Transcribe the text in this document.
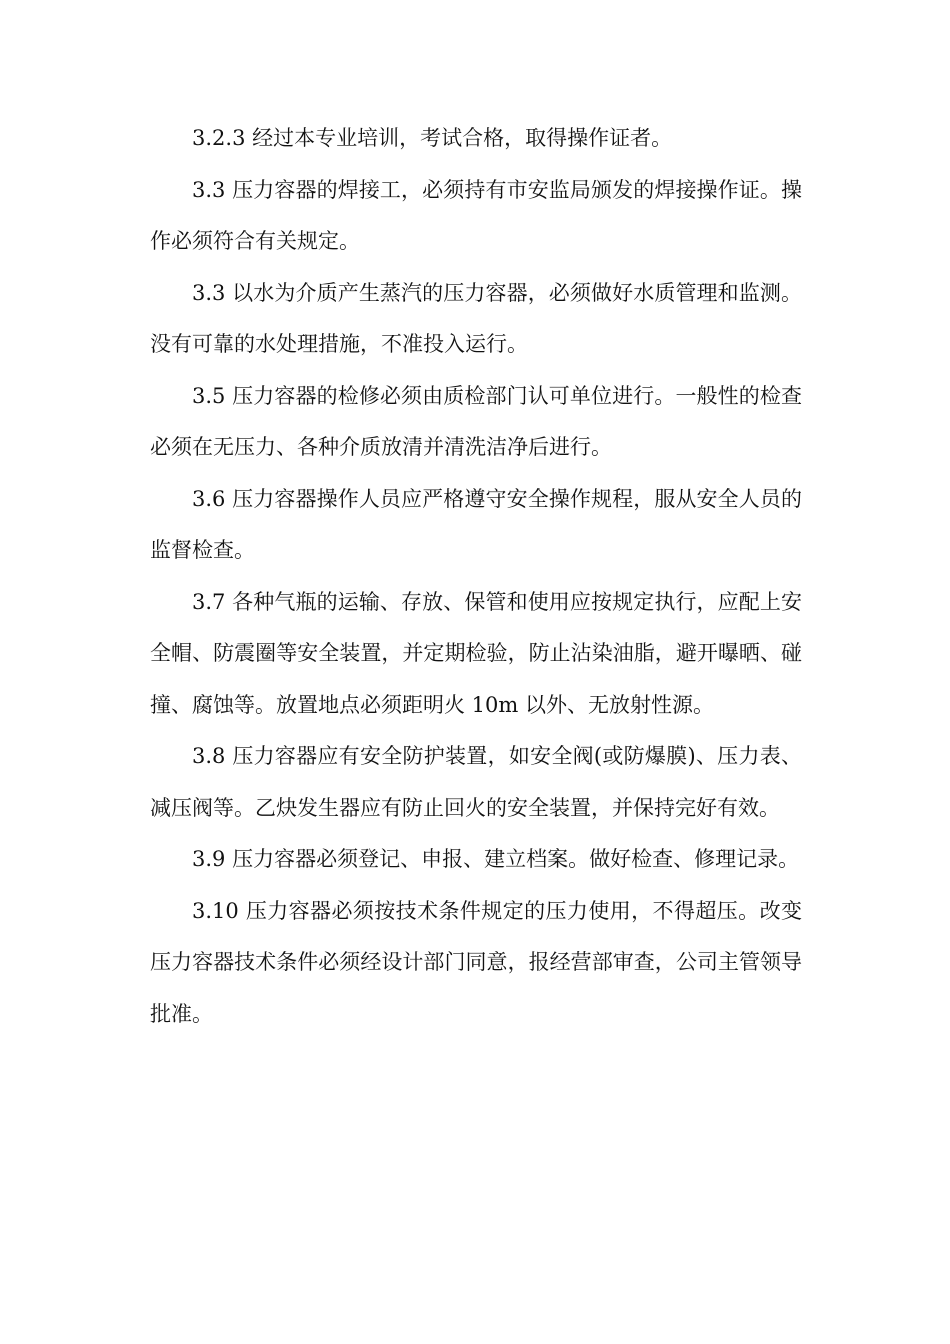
3.2.3 经过本专业培训，考试合格，取得操作证者。

3.3 压力容器的焊接工，必须持有市安监局颁发的焊接操作证。操作必须符合有关规定。

3.3 以水为介质产生蒸汽的压力容器，必须做好水质管理和监测。没有可靠的水处理措施，不准投入运行。

3.5 压力容器的检修必须由质检部门认可单位进行。一般性的检查必须在无压力、各种介质放清并清洗洁净后进行。

3.6 压力容器操作人员应严格遵守安全操作规程，服从安全人员的监督检查。

3.7 各种气瓶的运输、存放、保管和使用应按规定执行，应配上安全帽、防震圈等安全装置，并定期检验，防止沾染油脂，避开曝晒、碰撞、腐蚀等。放置地点必须距明火 10m 以外、无放射性源。

3.8 压力容器应有安全防护装置，如安全阀(或防爆膜)、压力表、减压阀等。乙炔发生器应有防止回火的安全装置，并保持完好有效。

3.9 压力容器必须登记、申报、建立档案。做好检查、修理记录。

3.10 压力容器必须按技术条件规定的压力使用，不得超压。改变压力容器技术条件必须经设计部门同意，报经营部审查，公司主管领导批准。
